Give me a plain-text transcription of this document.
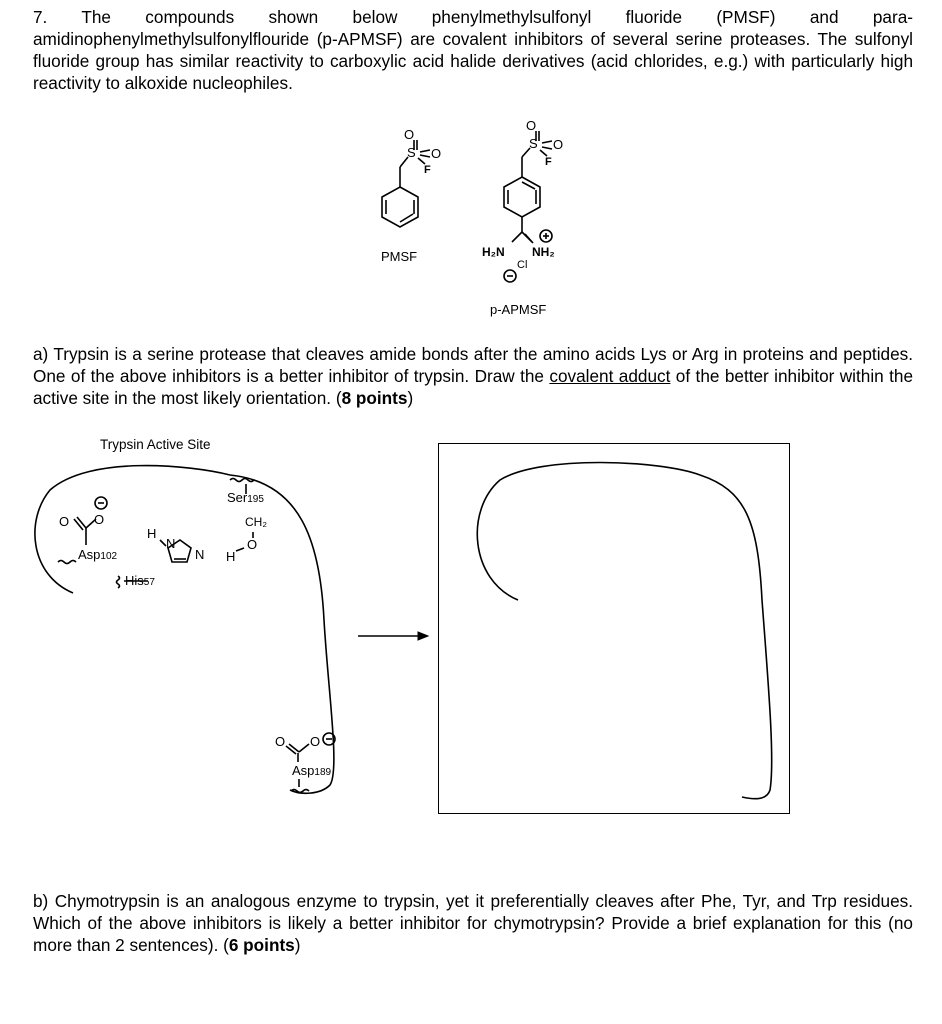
7. The compounds shown below phenylmethylsulfonyl fluoride (PMSF) and para-amidinophenylmethylsulfonylflouride (p-APMSF) are covalent inhibitors of several serine proteases. The sulfonyl fluoride group has similar reactivity to carboxylic acid halide derivatives (acid chlorides, e.g.) with particularly high reactivity to alkoxide nucleophiles.
O
S O
F
O
S O
F
H₂N NH₂
Cl
O O
H
N
N H
O
O O
PMSF
p-APMSF
a) Trypsin is a serine protease that cleaves amide bonds after the amino acids Lys or Arg in proteins and peptides. One of the above inhibitors is a better inhibitor of trypsin. Draw the covalent adduct of the better inhibitor within the active site in the most likely orientation. (8 points)
Trypsin Active Site
Ser195
CH₂
Asp102
His57
Asp189
b) Chymotrypsin is an analogous enzyme to trypsin, yet it preferentially cleaves after Phe, Tyr, and Trp residues. Which of the above inhibitors is likely a better inhibitor for chymotrypsin? Provide a brief explanation for this (no more than 2 sentences). (6 points)
